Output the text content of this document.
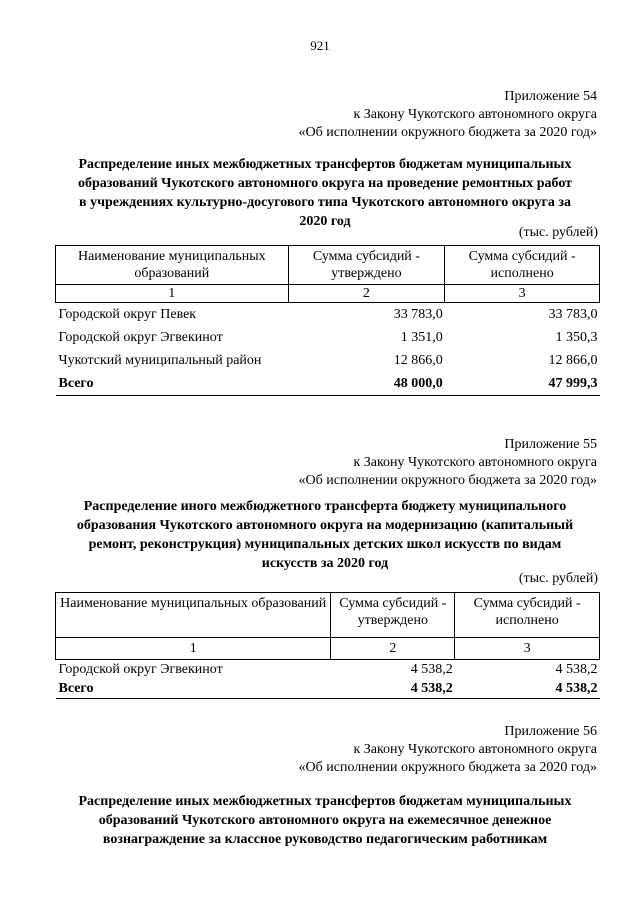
921
Приложение 54
к Закону Чукотского автономного округа
«Об исполнении окружного бюджета за 2020 год»
Распределение иных межбюджетных трансфертов бюджетам муниципальных
образований Чукотского автономного округа на проведение ремонтных работ
в учреждениях культурно-досугового типа Чукотского автономного округа за
2020 год
(тыс. рублей)
Наименование муниципальных образований	Сумма субсидий - утверждено	Сумма субсидий - исполнено
1	2	3
Городской округ Певек	33 783,0	33 783,0
Городской округ Эгвекинот	1 351,0	1 350,3
Чукотский муниципальный район	12 866,0	12 866,0
Всего	48 000,0	47 999,3
Приложение 55
к Закону Чукотского автономного округа
«Об исполнении окружного бюджета за 2020 год»
Распределение иного межбюджетного трансферта бюджету муниципального
образования Чукотского автономного округа на модернизацию (капитальный
ремонт, реконструкция) муниципальных детских школ искусств по видам
искусств за 2020 год
(тыс. рублей)
Наименование муниципальных образований	Сумма субсидий - утверждено	Сумма субсидий - исполнено
1	2	3
Городской округ Эгвекинот	4 538,2	4 538,2
Всего	4 538,2	4 538,2
Приложение 56
к Закону Чукотского автономного округа
«Об исполнении окружного бюджета за 2020 год»
Распределение иных межбюджетных трансфертов бюджетам муниципальных
образований Чукотского автономного округа на ежемесячное денежное
вознаграждение за классное руководство педагогическим работникам
